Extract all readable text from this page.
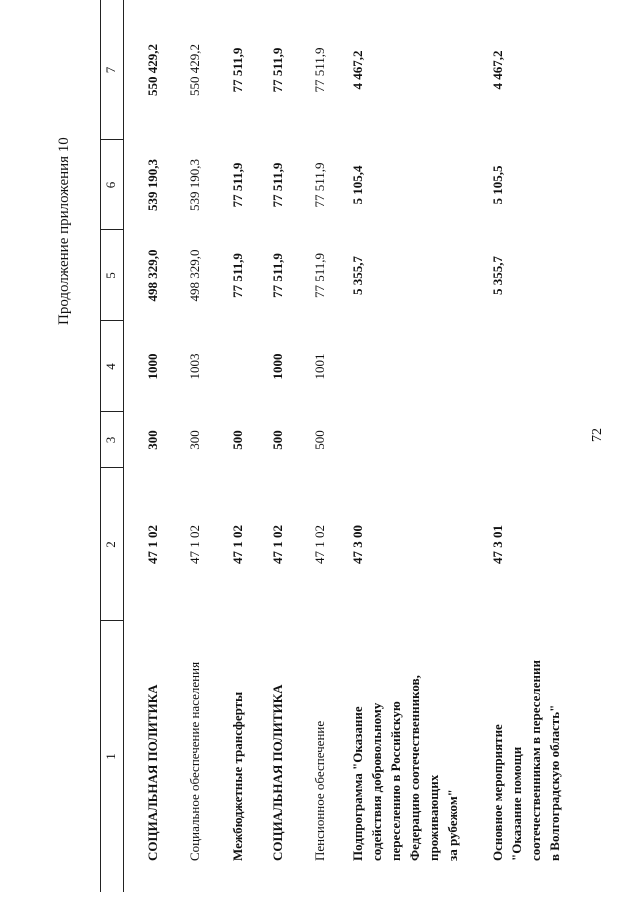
72
Продолжение приложения 10
1
2
3
4
5
6
7
СОЦИАЛЬНАЯ ПОЛИТИКА
47 1 02
300
1000
498 329,0
539 190,3
550 429,2
Социальное обеспечение населения
47 1 02
300
1003
498 329,0
539 190,3
550 429,2
Межбюджетные трансферты
47 1 02
500
77 511,9
77 511,9
77 511,9
СОЦИАЛЬНАЯ ПОЛИТИКА
47 1 02
500
1000
77 511,9
77 511,9
77 511,9
Пенсионное обеспечение
47 1 02
500
1001
77 511,9
77 511,9
77 511,9
Подпрограмма "Оказание содействия добровольному переселению в Российскую Федерацию соотечественников, проживающих за рубежом"
47 3 00
5 355,7
5 105,4
4 467,2
Основное мероприятие "Оказание помощи соотечественникам в переселении в Волгоградскую область"
47 3 01
5 355,7
5 105,5
4 467,2
